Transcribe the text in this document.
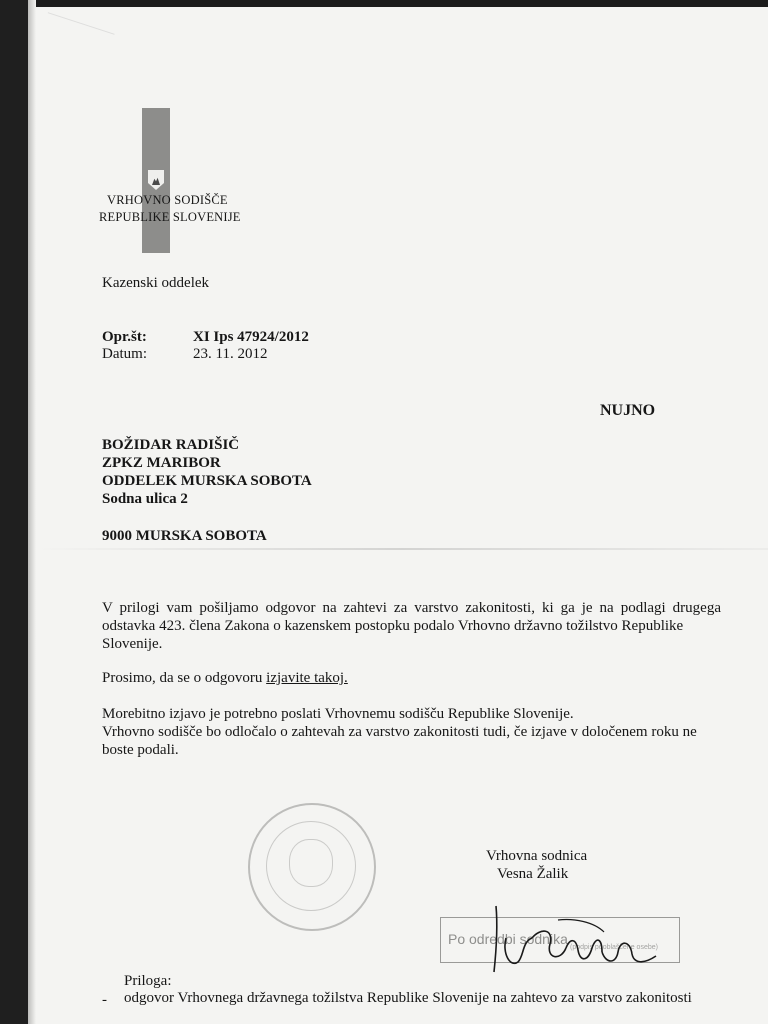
VRHOVNO SODIŠČE
REPUBLIKE SLOVENIJE
Kazenski oddelek
Opr.št:	XI Ips 47924/2012
Datum:	23. 11. 2012
NUJNO
BOŽIDAR RADIŠIČ
ZPKZ MARIBOR
ODDELEK MURSKA SOBOTA
Sodna ulica 2
9000 MURSKA SOBOTA
V prilogi vam pošiljamo odgovor na zahtevi za varstvo zakonitosti, ki ga je na podlagi drugega odstavka 423. člena Zakona o kazenskem postopku podalo Vrhovno državno tožilstvo Republike
Slovenije.
Prosimo, da se o odgovoru izjavite takoj.
Morebitno izjavo je potrebno poslati Vrhovnemu sodišču Republike Slovenije.
Vrhovno sodišče bo odločalo o zahtevah za varstvo zakonitosti tudi, če izjave v določenem roku ne
boste podali.
Vrhovna sodnica
Vesna Žalik
Po odredbi sodnika
(podpis pooblaščene osebe)
Priloga:
- odgovor Vrhovnega državnega tožilstva Republike Slovenije na zahtevo za varstvo zakonitosti
